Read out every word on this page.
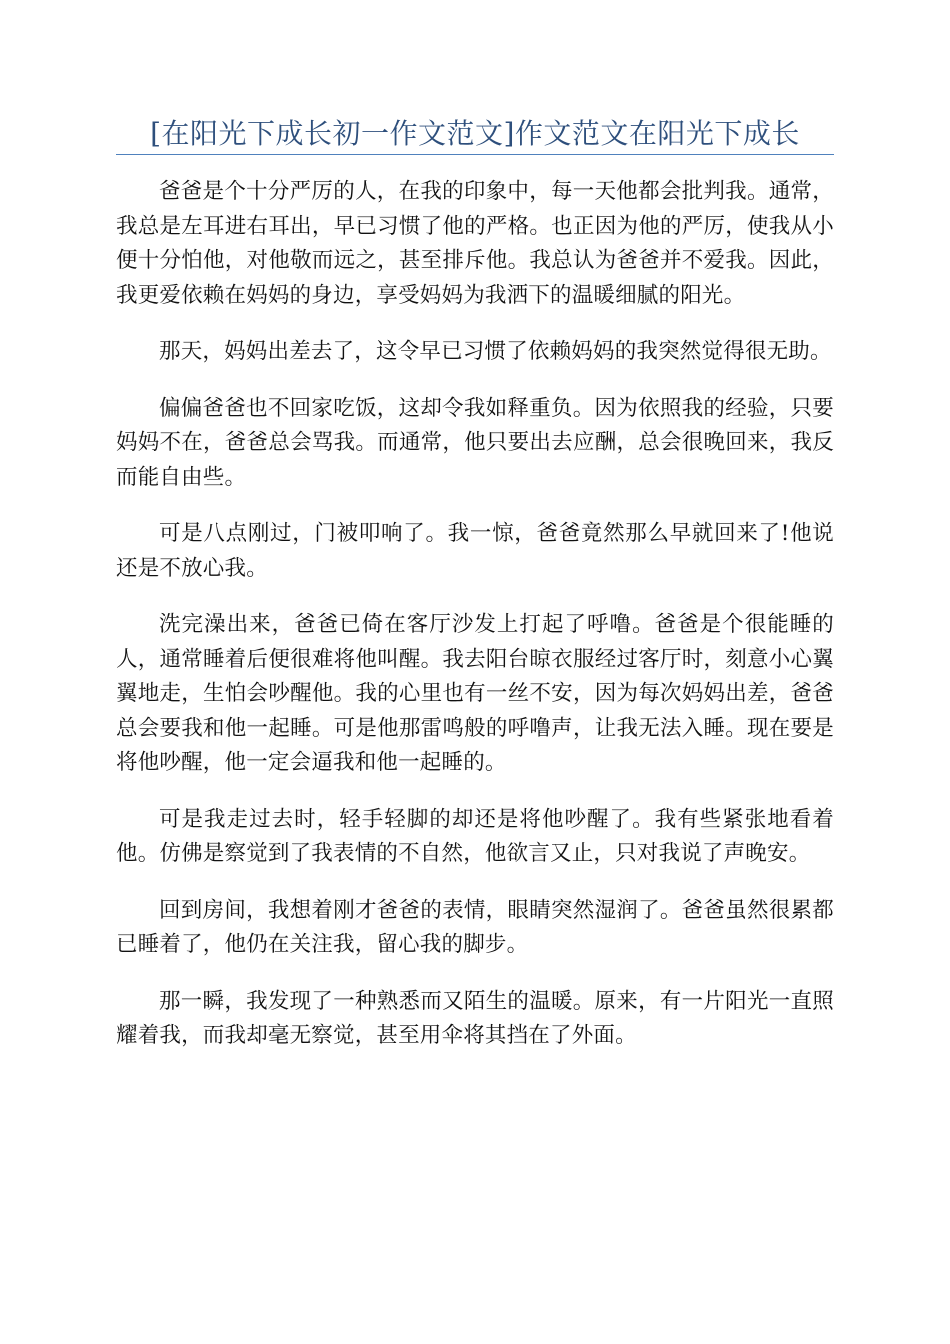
[在阳光下成长初一作文范文]作文范文在阳光下成长

爸爸是个十分严厉的人，在我的印象中，每一天他都会批判我。通常，我总是左耳进右耳出，早已习惯了他的严格。也正因为他的严厉，使我从小便十分怕他，对他敬而远之，甚至排斥他。我总认为爸爸并不爱我。因此，我更爱依赖在妈妈的身边，享受妈妈为我洒下的温暖细腻的阳光。

那天，妈妈出差去了，这令早已习惯了依赖妈妈的我突然觉得很无助。

偏偏爸爸也不回家吃饭，这却令我如释重负。因为依照我的经验，只要妈妈不在，爸爸总会骂我。而通常，他只要出去应酬，总会很晚回来，我反而能自由些。

可是八点刚过，门被叩响了。我一惊，爸爸竟然那么早就回来了!他说还是不放心我。

洗完澡出来，爸爸已倚在客厅沙发上打起了呼噜。爸爸是个很能睡的人，通常睡着后便很难将他叫醒。我去阳台晾衣服经过客厅时，刻意小心翼翼地走，生怕会吵醒他。我的心里也有一丝不安，因为每次妈妈出差，爸爸总会要我和他一起睡。可是他那雷鸣般的呼噜声，让我无法入睡。现在要是将他吵醒，他一定会逼我和他一起睡的。

可是我走过去时，轻手轻脚的却还是将他吵醒了。我有些紧张地看着他。仿佛是察觉到了我表情的不自然，他欲言又止，只对我说了声晚安。

回到房间，我想着刚才爸爸的表情，眼睛突然湿润了。爸爸虽然很累都已睡着了，他仍在关注我，留心我的脚步。

那一瞬，我发现了一种熟悉而又陌生的温暖。原来，有一片阳光一直照耀着我，而我却毫无察觉，甚至用伞将其挡在了外面。
